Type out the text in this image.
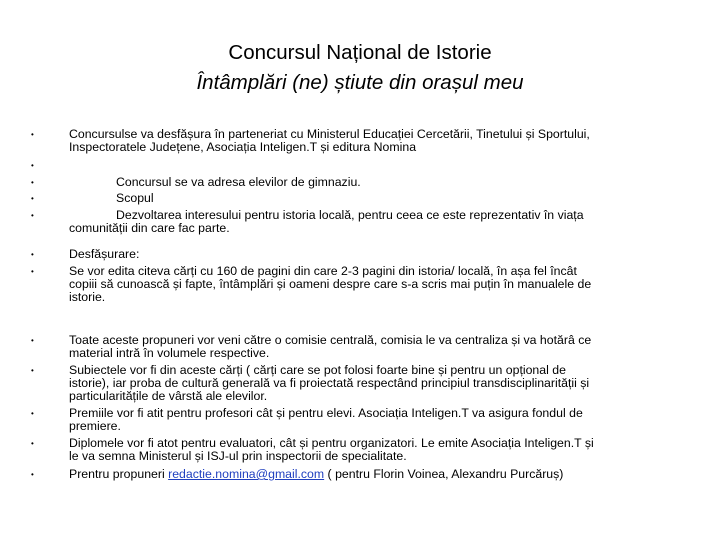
Concursul Național de Istorie
Întâmplări (ne) știute din orașul meu
•	Concursulse va desfășura în parteneriat cu Ministerul Educației Cercetării, Tinetului și Sportului,
Inspectoratele Județene, Asociația Inteligen.T și editura Nomina
•
•	Concursul se va adresa elevilor de gimnaziu.
•	Scopul
•	Dezvoltarea interesului pentru istoria locală, pentru ceea ce este reprezentativ în viața
comunității din care fac parte.
•	Desfășurare:
•	Se vor edita citeva cărți cu 160 de pagini din care 2-3 pagini din istoria/ locală, în așa fel încât
copiii să cunoască și fapte, întâmplări și oameni despre care s-a scris mai puțin în manualele de
istorie.
•	Toate aceste propuneri vor veni către o comisie centrală, comisia le va centraliza și va hotărâ ce
material intră în volumele respective.
•	Subiectele vor fi din aceste cărți ( cărți care se pot folosi foarte bine și pentru un opțional de
istorie), iar proba de cultură generală va fi proiectată respectând principiul transdisciplinarității și
particularitățile de vârstă ale elevilor.
•	Premiile vor fi atit pentru profesori cât și pentru elevi. Asociația Inteligen.T va asigura fondul de
premiere.
•	Diplomele vor fi atot pentru evaluatori, cât și pentru organizatori. Le emite Asociația Inteligen.T și
le va semna Ministerul și ISJ-ul prin inspectorii de specialitate.
•	Prentru propuneri redactie.nomina@gmail.com ( pentru Florin Voinea, Alexandru Purcăruș)
